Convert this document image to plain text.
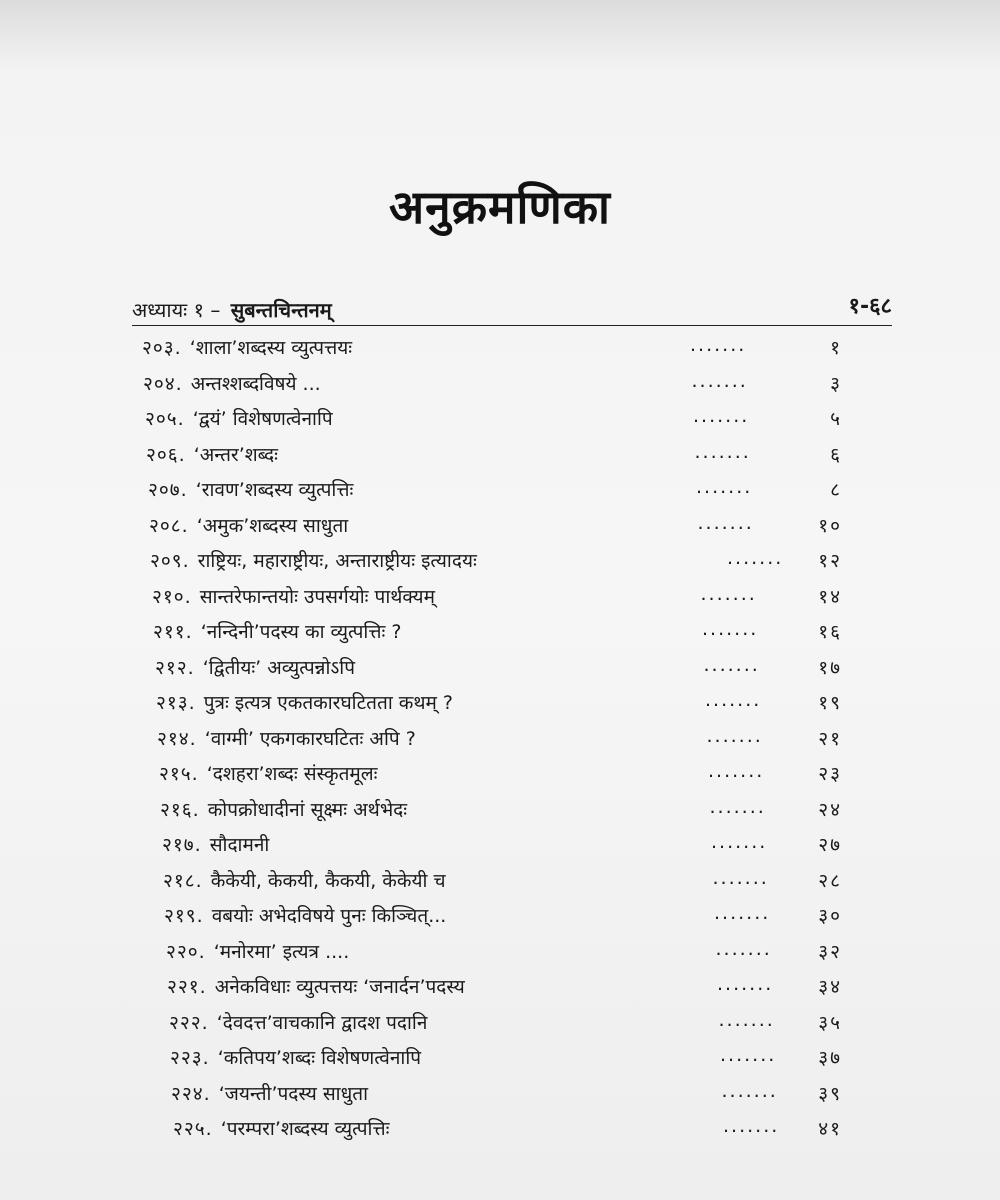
अनुक्रमणिका
अध्यायः १ – सुबन्तचिन्तनम्	१-६८
२०३. ‘शाला’शब्दस्य व्युत्पत्तयः	.......	१
२०४. अन्तश्शब्दविषये ...	.......	३
२०५. ‘द्वयं’ विशेषणत्वेनापि	.......	५
२०६. ‘अन्तर’शब्दः	.......	६
२०७. ‘रावण’शब्दस्य व्युत्पत्तिः	.......	८
२०८. ‘अमुक’शब्दस्य साधुता	.......	१०
२०९. राष्ट्रियः, महाराष्ट्रीयः, अन्ताराष्ट्रीयः इत्यादयः	....... १२
२१०. सान्तरेफान्तयोः उपसर्गयोः पार्थक्यम्	.......	१४
२११. ‘नन्दिनी’पदस्य का व्युत्पत्तिः ?	.......	१६
२१२. ‘द्वितीयः’ अव्युत्पन्नोऽपि	.......	१७
२१३. पुत्रः इत्यत्र एकतकारघटितता कथम् ?	.......	१९
२१४. ‘वाग्मी’ एकगकारघटितः अपि ?	.......	२१
२१५. ‘दशहरा’शब्दः संस्कृतमूलः	.......	२३
२१६. कोपक्रोधादीनां सूक्ष्मः अर्थभेदः	.......	२४
२१७. सौदामनी	.......	२७
२१८. कैकेयी, केकयी, कैकयी, केकेयी च	.......	२८
२१९. वबयोः अभेदविषये पुनः किञ्चित्...	.......	३०
२२०. ‘मनोरमा’ इत्यत्र ....	....... ३२
२२१. अनेकविधाः व्युत्पत्तयः ‘जनार्दन’पदस्य	....... ३४
२२२. ‘देवदत्त’वाचकानि द्वादश पदानि	....... ३५
२२३. ‘कतिपय’शब्दः विशेषणत्वेनापि	....... ३७
२२४. ‘जयन्ती’पदस्य साधुता	....... ३९
२२५. ‘परम्परा’शब्दस्य व्युत्पत्तिः	....... ४१
